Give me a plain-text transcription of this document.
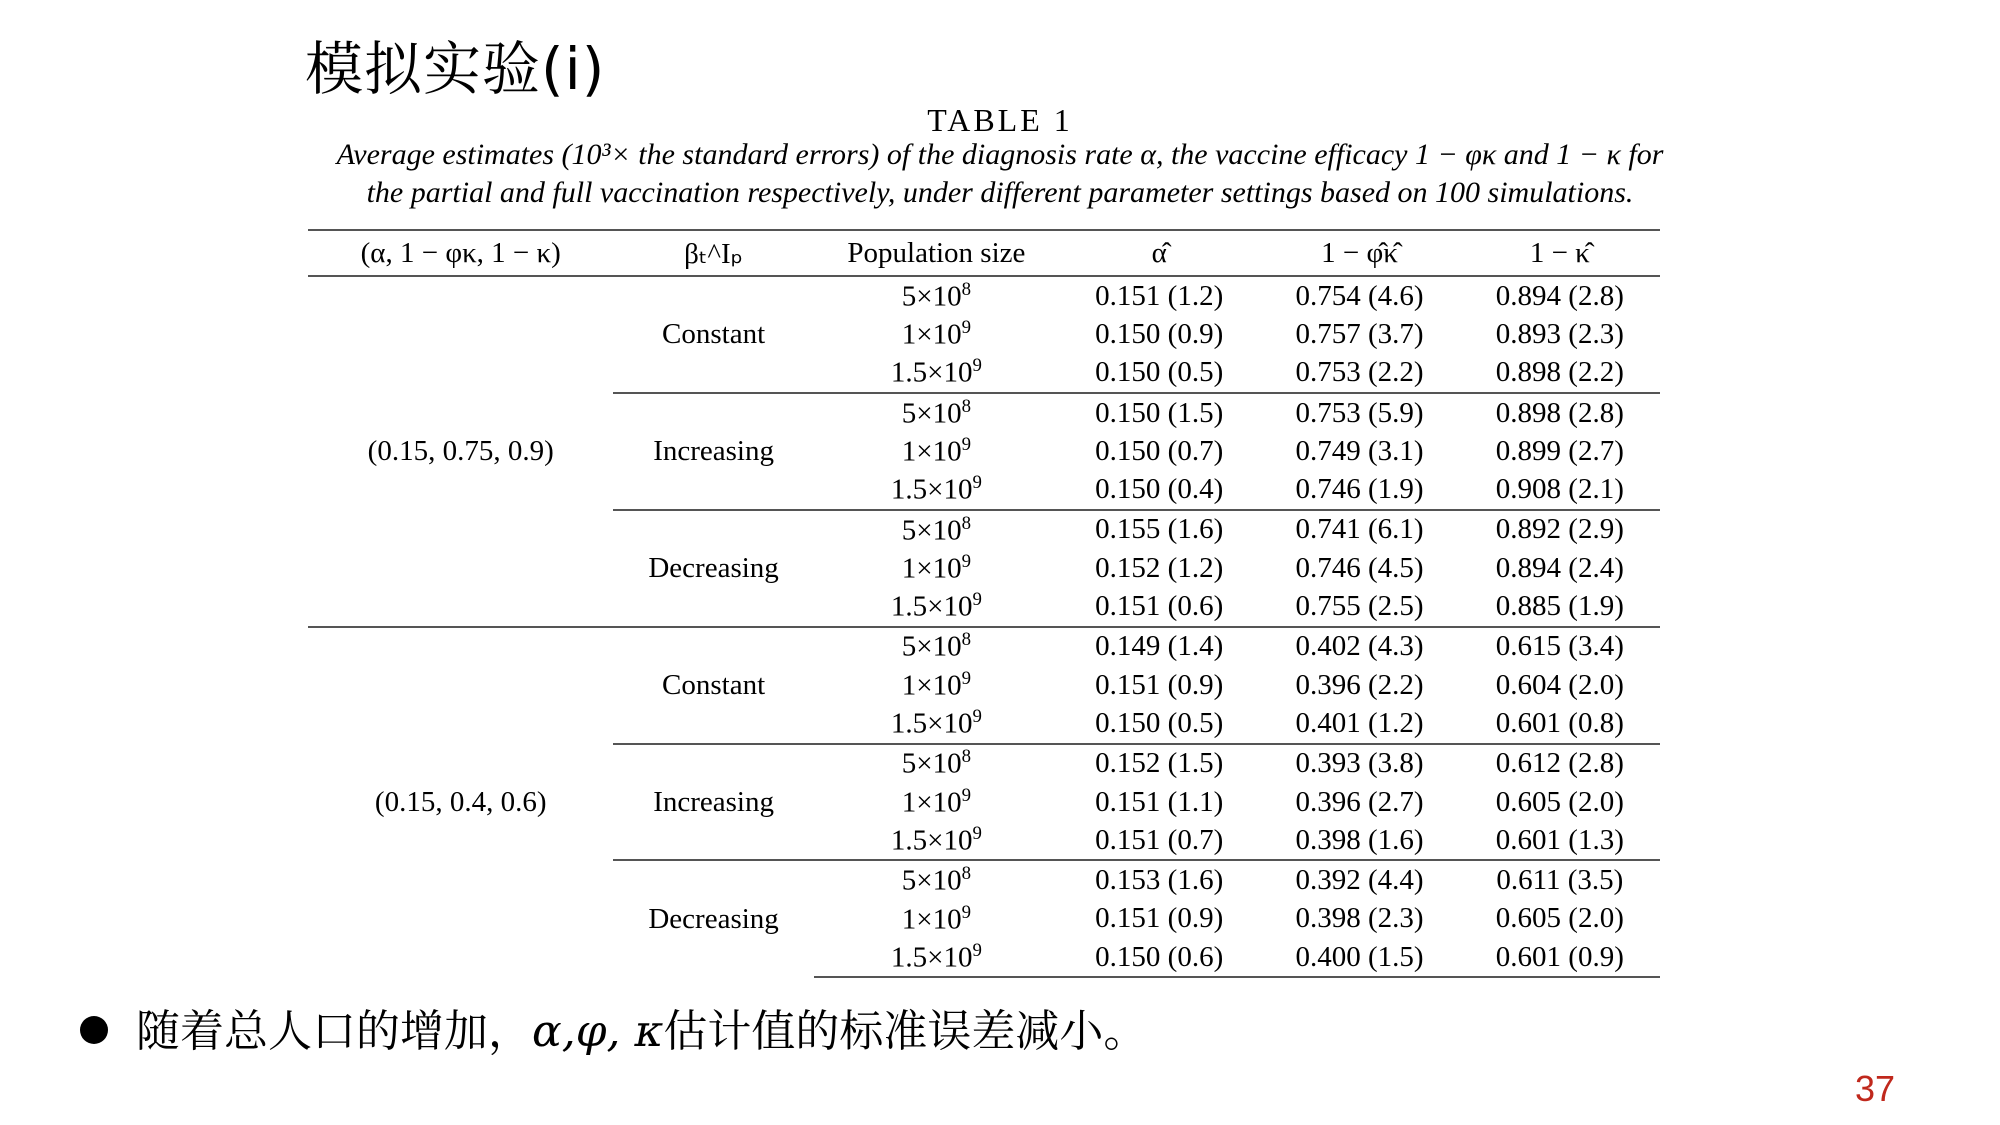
模拟实验(i)
TABLE 1
Average estimates (10³× the standard errors) of the diagnosis rate α, the vaccine efficacy 1 − φκ and 1 − κ for
the partial and full vaccination respectively, under different parameter settings based on 100 simulations.
(α, 1 − φκ, 1 − κ)	βₜ^Iₚ	Population size	α̂	1 − φ̂κ̂	1 − κ̂
(0.15, 0.75, 0.9)	Constant	$5\times 10^8$	0.151 (1.2)	0.754 (4.6)	0.894 (2.8)
		$1\times 10^9$	0.150 (0.9)	0.757 (3.7)	0.893 (2.3)
		$1.5\times 10^9$	0.150 (0.5)	0.753 (2.2)	0.898 (2.2)
	Increasing	$5\times 10^8$	0.150 (1.5)	0.753 (5.9)	0.898 (2.8)
		$1\times 10^9$	0.150 (0.7)	0.749 (3.1)	0.899 (2.7)
		$1.5\times 10^9$	0.150 (0.4)	0.746 (1.9)	0.908 (2.1)
	Decreasing	$5\times 10^8$	0.155 (1.6)	0.741 (6.1)	0.892 (2.9)
		$1\times 10^9$	0.152 (1.2)	0.746 (4.5)	0.894 (2.4)
		$1.5\times 10^9$	0.151 (0.6)	0.755 (2.5)	0.885 (1.9)
(0.15, 0.4, 0.6)	Constant	$5\times 10^8$	0.149 (1.4)	0.402 (4.3)	0.615 (3.4)
		$1\times 10^9$	0.151 (0.9)	0.396 (2.2)	0.604 (2.0)
		$1.5\times 10^9$	0.150 (0.5)	0.401 (1.2)	0.601 (0.8)
	Increasing	$5\times 10^8$	0.152 (1.5)	0.393 (3.8)	0.612 (2.8)
		$1\times 10^9$	0.151 (1.1)	0.396 (2.7)	0.605 (2.0)
		$1.5\times 10^9$	0.151 (0.7)	0.398 (1.6)	0.601 (1.3)
	Decreasing	$5\times 10^8$	0.153 (1.6)	0.392 (4.4)	0.611 (3.5)
		$1\times 10^9$	0.151 (0.9)	0.398 (2.3)	0.605 (2.0)
		$1.5\times 10^9$	0.150 (0.6)	0.400 (1.5)	0.601 (0.9)
随着总人口的增加，α,φ, κ估计值的标准误差减小。
37
